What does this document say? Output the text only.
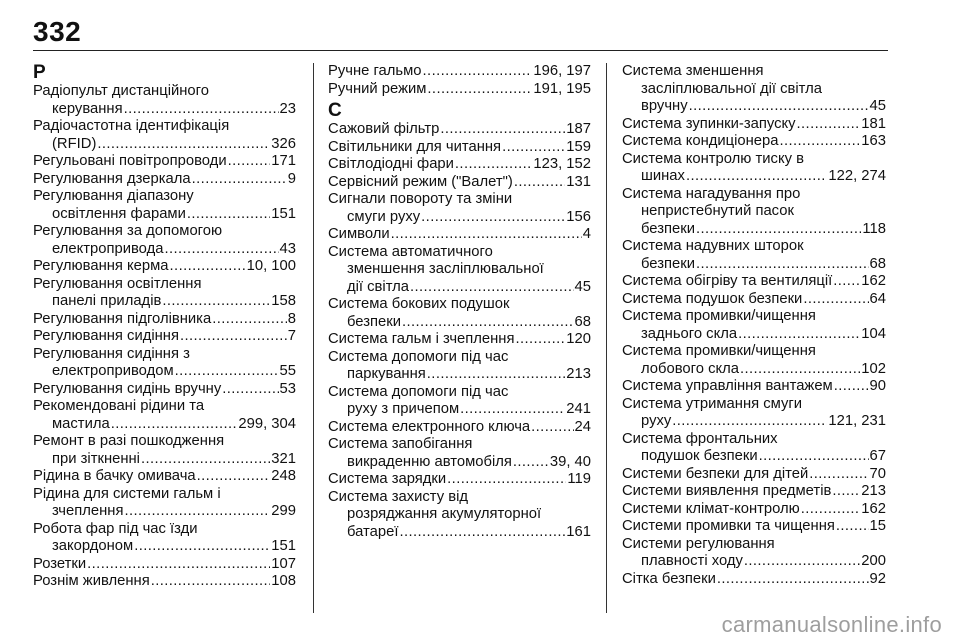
332
Р
Радіопульт дистанційного
керування .....	23
Радіочастотна ідентифікація
(RFID) .....	326
Регульовані повітропроводи .....	171
Регулювання дзеркала .....	9
Регулювання діапазону
освітлення фарами .....	151
Регулювання за допомогою
електропривода .....	43
Регулювання керма .....	10, 100
Регулювання освітлення
панелі приладів .....	158
Регулювання підголівника .....	8
Регулювання сидіння .....	7
Регулювання сидіння з
електроприводом .....	55
Регулювання сидінь вручну .....	53
Рекомендовані рідини та
мастила .....	299, 304
Ремонт в разі пошкодження
при зіткненні .....	321
Рідина в бачку омивача .....	248
Рідина для системи гальм і
зчеплення .....	299
Робота фар під час їзди
закордоном .....	151
Розетки .....	107
Рознім живлення .....	108
Ручне гальмо .....	196, 197
Ручний режим .....	191, 195
С
Сажовий фільтр .....	187
Світильники для читання .....	159
Світлодіодні фари .....	123, 152
Сервісний режим ("Валет") .....	131
Сигнали повороту та зміни
смуги руху .....	156
Символи .....	4
Система автоматичного
зменшення засліплювальної
дії світла .....	45
Система бокових подушок
безпеки .....	68
Система гальм і зчеплення .....	120
Система допомоги під час
паркування .....	213
Система допомоги під час
руху з причепом .....	241
Система електронного ключа .....	24
Система запобігання
викраденню автомобіля .....	39, 40
Система зарядки .....	119
Система захисту від
розряджання акумуляторної
батареї .....	161
Система зменшення
засліплювальної дії світла
вручну .....	45
Система зупинки-запуску .....	181
Система кондиціонера .....	163
Система контролю тиску в
шинах .....	122, 274
Система нагадування про
непристебнутий пасок
безпеки .....	118
Система надувних шторок
безпеки .....	68
Система обігріву та вентиляції ..... 162
Система подушок безпеки .....	64
Система промивки/чищення
заднього скла .....	104
Система промивки/чищення
лобового скла .....	102
Система управління вантажем ..... 90
Система утримання смуги
руху .....	121, 231
Система фронтальних
подушок безпеки .....	67
Системи безпеки для дітей .....	70
Системи виявлення предметів ..... 213
Системи клімат-контролю .....	162
Системи промивки та чищення ..... 15
Системи регулювання
плавності ходу .....	200
Сітка безпеки .....	92
carmanualsonline.info
